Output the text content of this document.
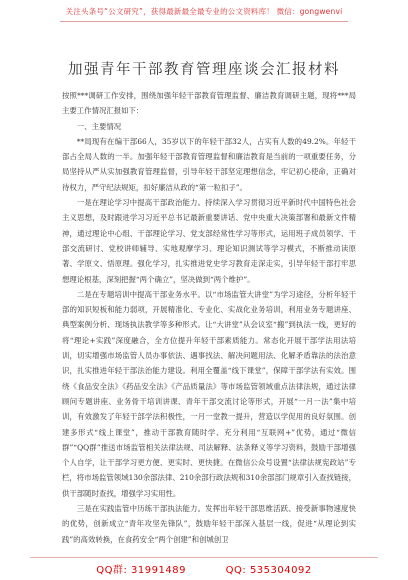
关注头条号“公文研究”，获得最新最全最专业的公文资料库！ 微信：gongwenvi
加强青年干部教育管理座谈会汇报材料

按照***调研工作安排，围绕加强年轻干部教育管理监督、廉洁教育调研主题，现将***局主要工作情况汇报如下：

一、主要情况

**局现有在编干部66人，35岁以下的年轻干部32人，占实有人数的49.2%。年轻干部占全局人数的一半。加强年轻干部教育管理监督和廉洁教育是当前的一项重要任务，分局坚持从严从实加强教育管理监督，引导年轻干部坚定理想信念，牢记初心使命，正确对待权力，严守纪法规矩，扣好廉洁从政的“第一粒扣子”。

一是在理论学习中提高干部政治能力。持续深入学习贯彻习近平新时代中国特色社会主义思想，及时跟进学习习近平总书记最新重要讲话、党中央重大决策部署和最新文件精神，通过理论中心组、干部理论学习、党支部经常性学习等形式，运用班子成员领学、干部交流研讨、党校讲师辅导、实地观摩学习、理论知识测试等学习模式，不断推动读原著、学原文、悟原理。强化学习，扎实推进党史学习教育走深走实，引导年轻干部打牢思想理论根基，深刻把握“两个确立”，坚决做到“两个维护”。

二是在专题培训中提高干部业务水平。以“市场监管大讲堂”为学习途径，分析年轻干部的知识短板和能力弱项，开展精准化、专业化、实战化业务培训，利用业务专题讲座、典型案例分析、现场执法教学等多种形式。让“大讲堂”从会议室“搬”到执法一线，更好的将“理论+实践”深度融合，全方位提升年轻干部素质能力。常态化开展干部学法用法培训，切实增强市场监管人员办事依法、遇事找法、解决问题用法、化解矛盾靠法的法治意识，扎实推进年轻干部法治能力建设。利用全覆盖“线下课堂”，保障干部学法有实效。围绕《食品安全法》《药品安全法》《产品质量法》等市场监管领域重点法律法规，通过法律顾问专题讲座、业务骨干培训讲课、青年干部交流讨论等形式，开展“一月一法”集中培训，有效激发了年轻干部学法积极性，一月一堂教一提升，营造以学促用的良好氛围。创建多形式“线上课堂”，推动干部教育随时学、充分利用“互联网+”优势，通过“微信群”“QQ群”推送市场监管相关法律法规、司法解释、法条释义等学习资料，鼓励干部增强个人自学，让干部学习更方便、更实时、更快捷。在微信公众号设置“法律法规宪政站”专栏，将市场监管领域130余部法律、210余部行政法规和310余部部门规章引入查找链接，供干部随时查找，增强学习实用性。

三是在实践监管中历练干部执法能力。发挥出年轻干部思维活跃、接受新事物速度快的优势，创新成立“青年攻坚先锋队”，鼓励年轻干部深入基层一线，促进“从理论到实践”的高效转换，在食药安全“两个创建”和创城创卫

QQ群: 31991489	QQ: 535304092
